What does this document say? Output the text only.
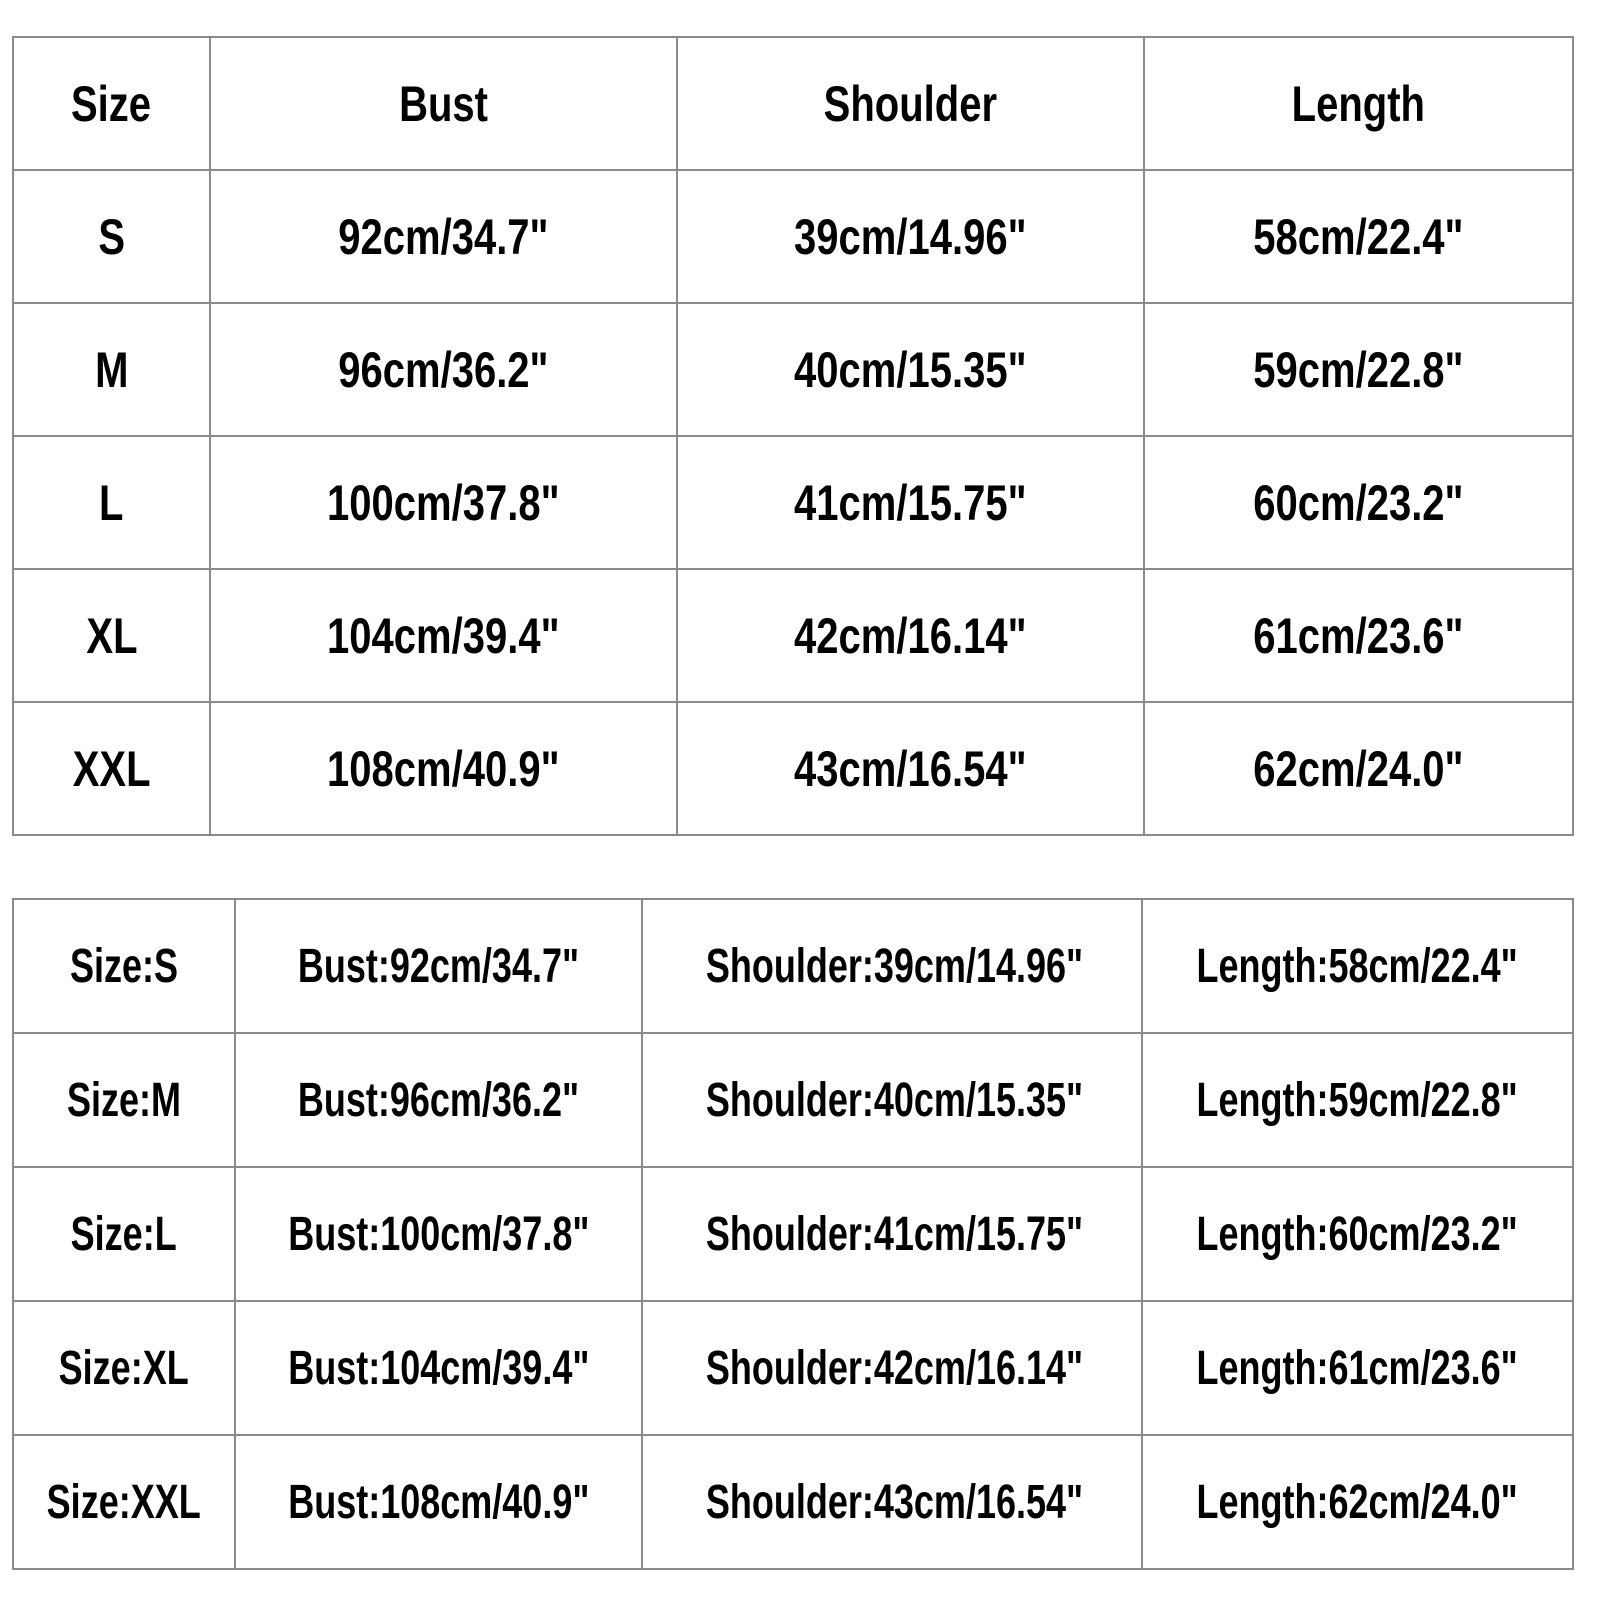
Size	Bust	Shoulder	Length
S	92cm/34.7"	39cm/14.96"	58cm/22.4"
M	96cm/36.2"	40cm/15.35"	59cm/22.8"
L	100cm/37.8"	41cm/15.75"	60cm/23.2"
XL	104cm/39.4"	42cm/16.14"	61cm/23.6"
XXL	108cm/40.9"	43cm/16.54"	62cm/24.0"
Size:S	Bust:92cm/34.7"	Shoulder:39cm/14.96"	Length:58cm/22.4"
Size:M	Bust:96cm/36.2"	Shoulder:40cm/15.35"	Length:59cm/22.8"
Size:L	Bust:100cm/37.8"	Shoulder:41cm/15.75"	Length:60cm/23.2"
Size:XL	Bust:104cm/39.4"	Shoulder:42cm/16.14"	Length:61cm/23.6"
Size:XXL	Bust:108cm/40.9"	Shoulder:43cm/16.54"	Length:62cm/24.0"
